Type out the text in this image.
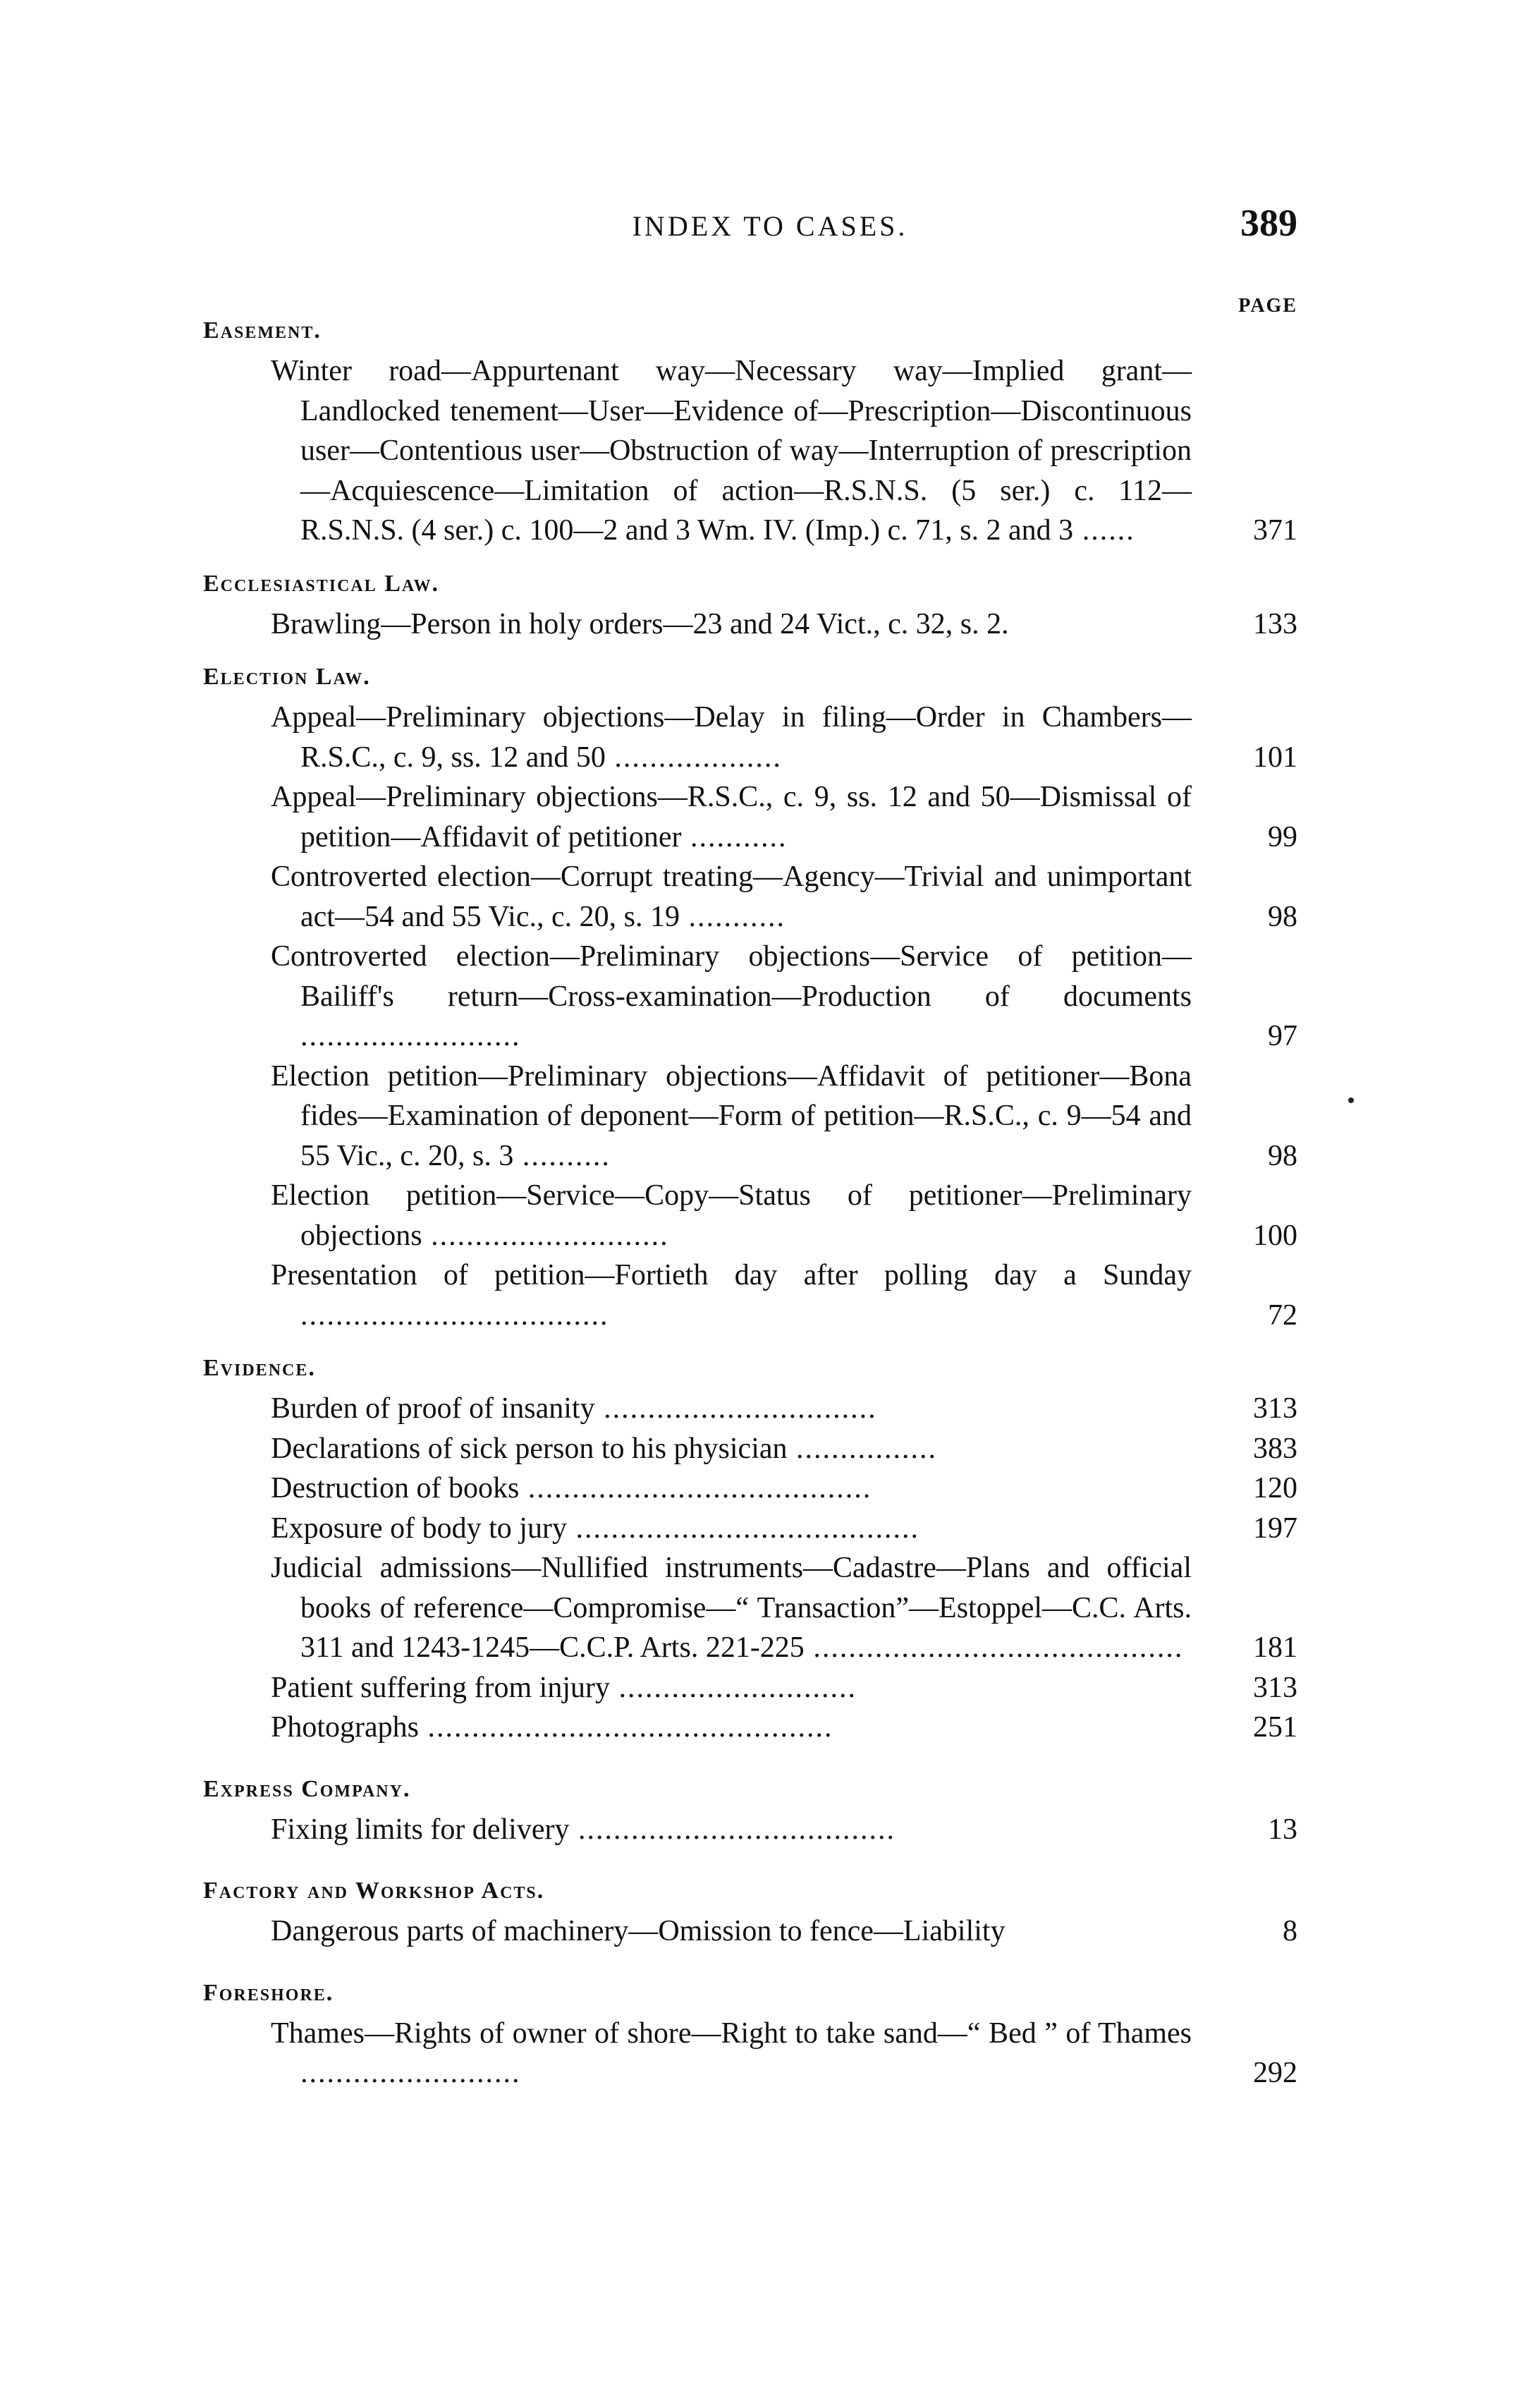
INDEX TO CASES.	389
PAGE
Easement.
Winter road—Appurtenant way—Necessary way—Implied grant—Landlocked tenement—User—Evidence of—Prescription—Discontinuous user—Contentious user—Obstruction of way—Interruption of prescription—Acquiescence—Limitation of action—R.S.N.S. (5 ser.) c. 112—R.S.N.S. (4 ser.) c. 100—2 and 3 Wm. IV. (Imp.) c. 71, s. 2 and 3 ......	371
Ecclesiastical Law.
Brawling—Person in holy orders—23 and 24 Vict., c. 32, s. 2.	133
Election Law.
Appeal—Preliminary objections—Delay in filing—Order in Chambers—R.S.C., c. 9, ss. 12 and 50 ...................	101
Appeal—Preliminary objections—R.S.C., c. 9, ss. 12 and 50—Dismissal of petition—Affidavit of petitioner ...........	99
Controverted election—Corrupt treating—Agency—Trivial and unimportant act—54 and 55 Vic., c. 20, s. 19 ...........	98
Controverted election—Preliminary objections—Service of petition—Bailiff's return—Cross-examination—Production of documents .........................	97
Election petition—Preliminary objections—Affidavit of petitioner—Bona fides—Examination of deponent—Form of petition—R.S.C., c. 9—54 and 55 Vic., c. 20, s. 3 ..........	98
Election petition—Service—Copy—Status of petitioner—Preliminary objections ...........................	100
Presentation of petition—Fortieth day after polling day a Sunday ...................................	72
Evidence.
Burden of proof of insanity ...............................	313
Declarations of sick person to his physician ................	383
Destruction of books .......................................	120
Exposure of body to jury .......................................	197
Judicial admissions—Nullified instruments—Cadastre—Plans and official books of reference—Compromise—“ Transaction”—Estoppel—C.C. Arts. 311 and 1243-1245—C.C.P. Arts. 221-225 ..........................................	181
Patient suffering from injury ...........................	313
Photographs ..............................................	251
Express Company.
Fixing limits for delivery ....................................	13
Factory and Workshop Acts.
Dangerous parts of machinery—Omission to fence—Liability	8
Foreshore.
Thames—Rights of owner of shore—Right to take sand—“ Bed ” of Thames .........................	292
